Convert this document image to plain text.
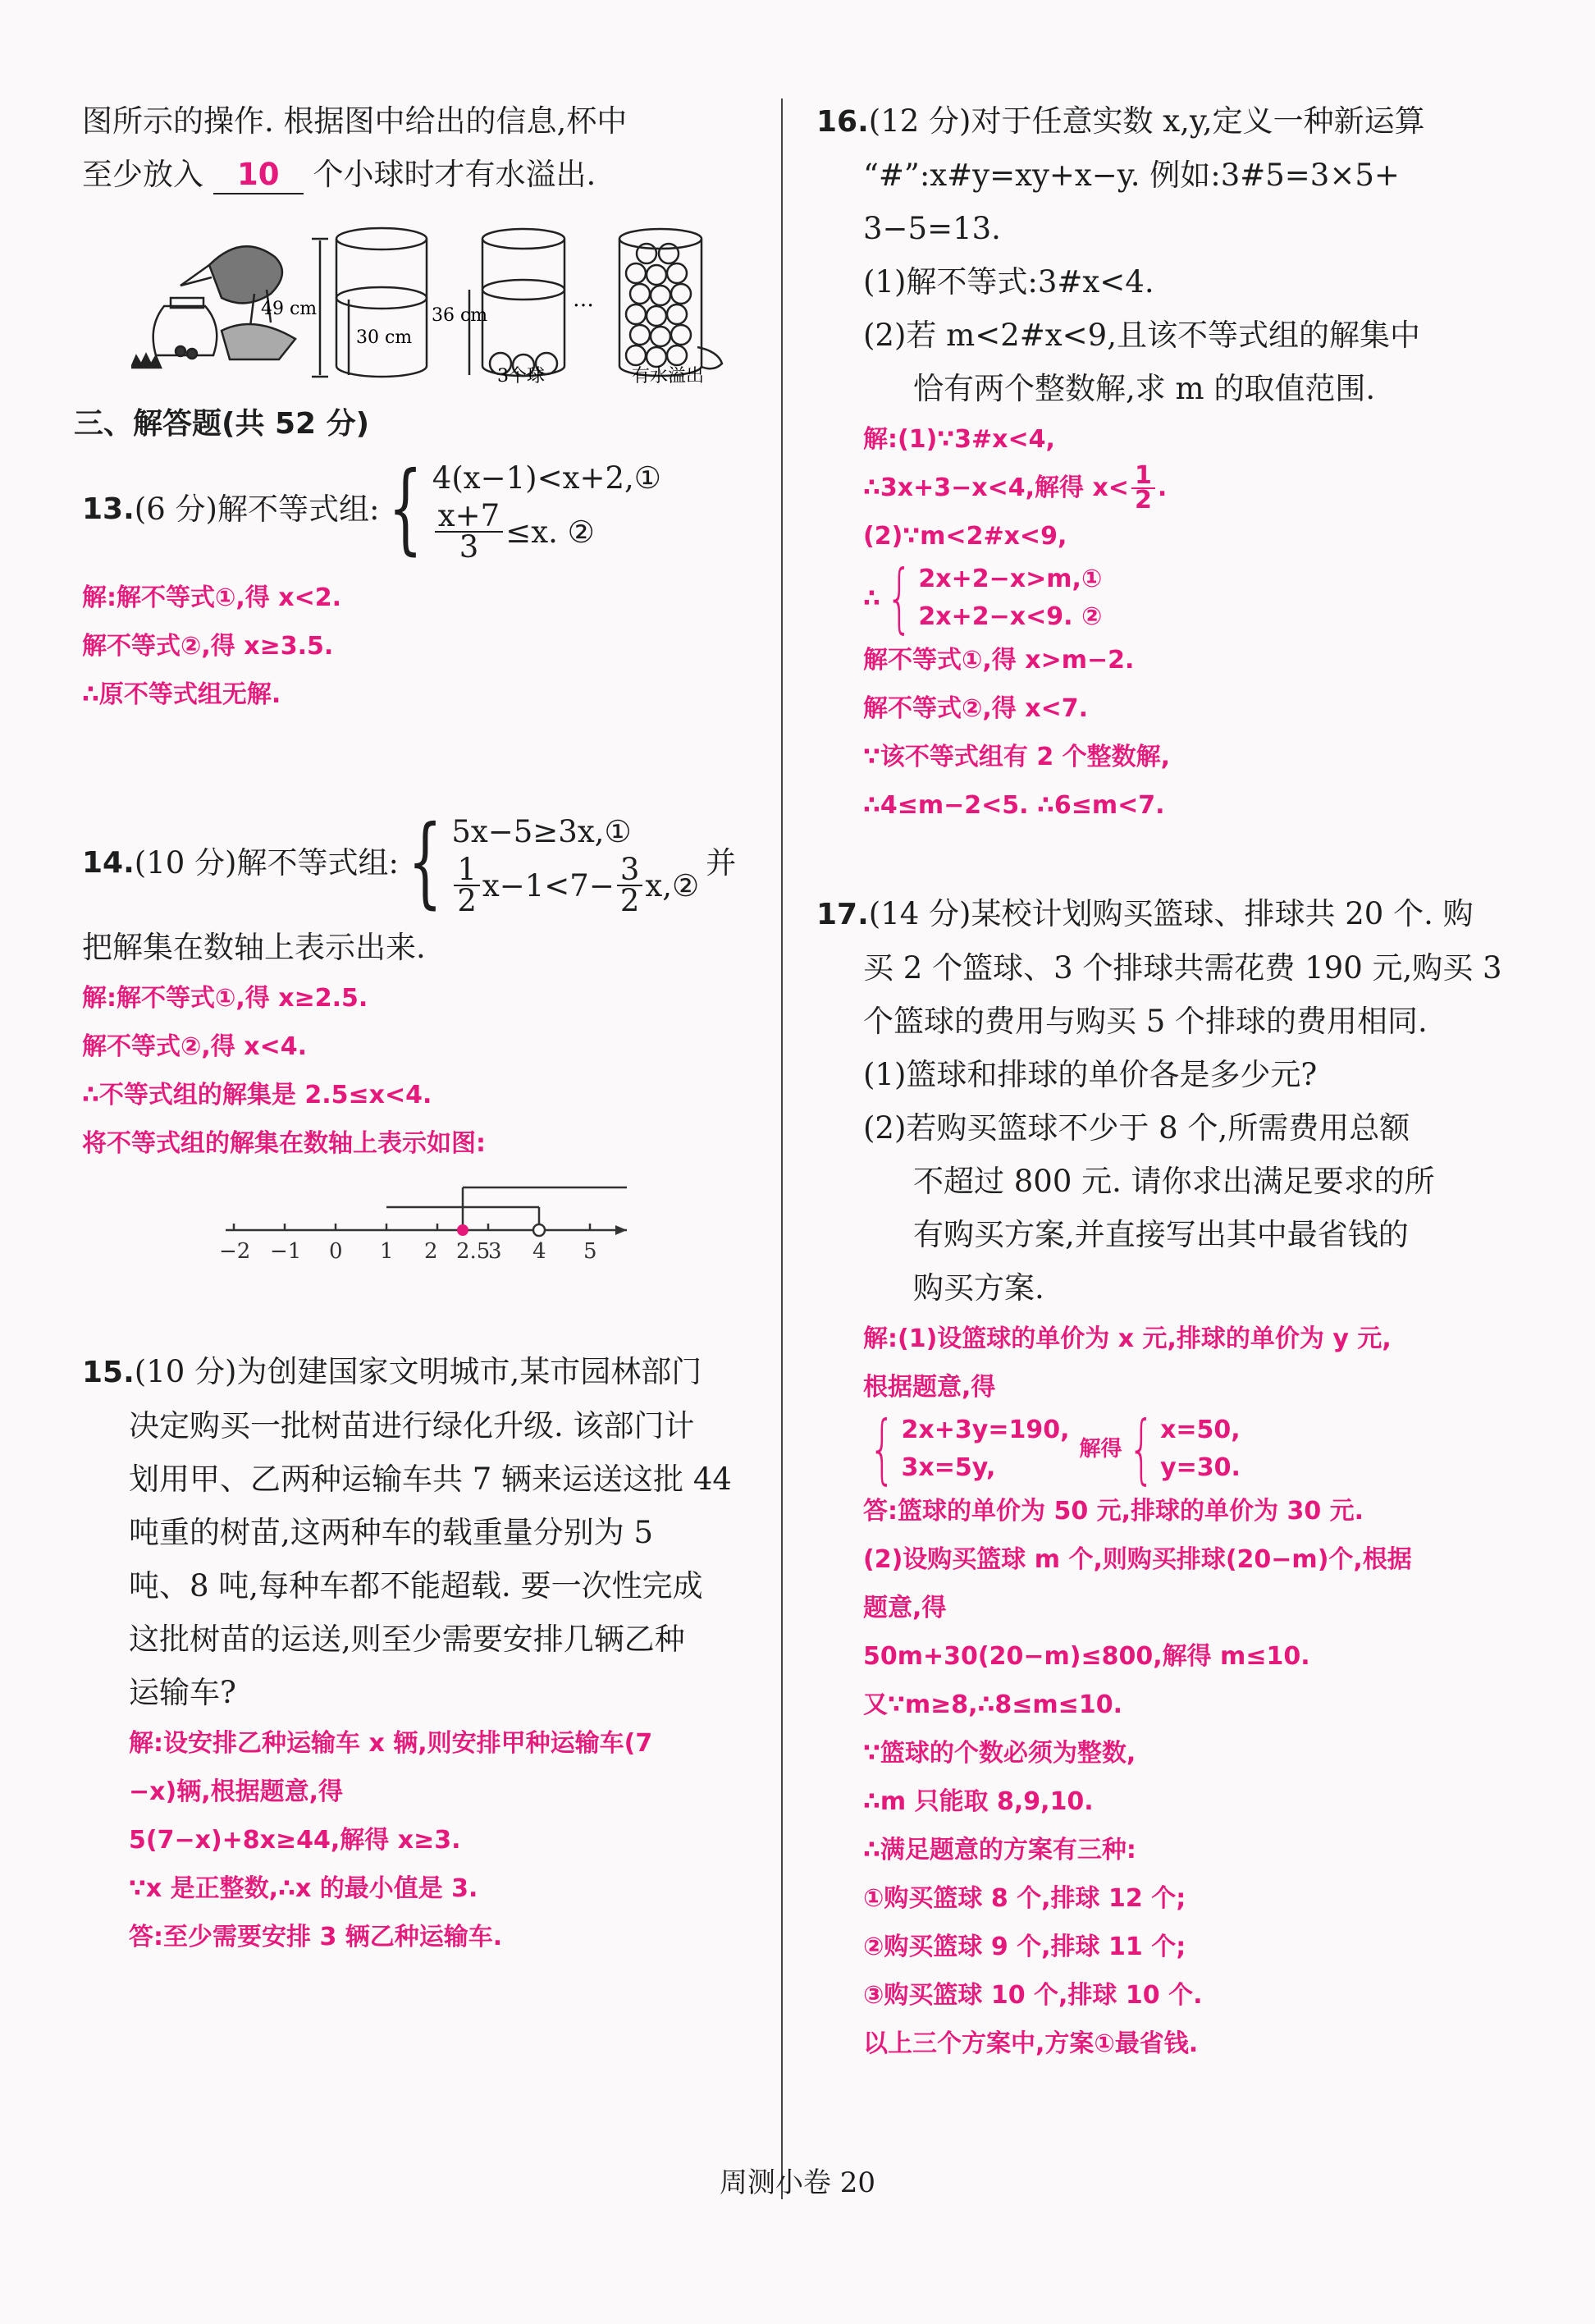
图所示的操作. 根据图中给出的信息,杯中

至少放入 10 个小球时才有水溢出.

49 cm
30 cm
36 cm
…
3个球	有水溢出

三、解答题(共 52 分)

13. (6 分)解不等式组: { 4(x−1)<x+2,①
$\frac{x+7}{3} \le x$. ②

解:解不等式①,得 x<2.

解不等式②,得 x≥3.5.

∴原不等式组无解.

14. (10 分)解不等式组: { 5x−5≥3x,①
$\frac{1}{2} x-1<7- \frac{3}{2}$ x,②
并

把解集在数轴上表示出来.

解:解不等式①,得 x≥2.5.

解不等式②,得 x<4.

∴不等式组的解集是 2.5≤x<4.

将不等式组的解集在数轴上表示如图:

−2 −1 0 1 2 2.5
3 4 5

15.(10 分)为创建国家文明城市,某市园林部门

决定购买一批树苗进行绿化升级. 该部门计

划用甲、乙两种运输车共 7 辆来运送这批 44

吨重的树苗,这两种车的载重量分别为 5

吨、8 吨,每种车都不能超载. 要一次性完成

这批树苗的运送,则至少需要安排几辆乙种

运输车?

解:设安排乙种运输车 x 辆,则安排甲种运输车(7

−x)辆,根据题意,得

5(7−x)+8x≥44,解得 x≥3.

∵x 是正整数,∴x 的最小值是 3.

答:至少需要安排 3 辆乙种运输车.

16.(12 分)对于任意实数 x,y,定义一种新运算

“#”:x#y=xy+x−y. 例如:3#5=3×5+

3−5=13.

(1)解不等式:3#x<4.

(2)若 m<2#x<9,且该不等式组的解集中

恰有两个整数解,求 m 的取值范围.

解:(1)∵3#x<4,

∴3x+3−x<4,解得 $x< \frac{1}{2}$ .

(2)∵m<2#x<9,

∴ { 2x+2−x>m,①
2x+2−x<9. ②

解不等式①,得 x>m−2.

解不等式②,得 x<7.

∵该不等式组有 2 个整数解,

∴4≤m−2<5. ∴6≤m<7.

17.(14 分)某校计划购买篮球、排球共 20 个. 购

买 2 个篮球、3 个排球共需花费 190 元,购买 3

个篮球的费用与购买 5 个排球的费用相同.

(1)篮球和排球的单价各是多少元?

(2)若购买篮球不少于 8 个,所需费用总额

不超过 800 元. 请你求出满足要求的所

有购买方案,并直接写出其中最省钱的

购买方案.

解:(1)设篮球的单价为 x 元,排球的单价为 y 元,

根据题意,得

{ 2x+3y=190,
3x=5y,
解得 { x=50,
y=30.

答:篮球的单价为 50 元,排球的单价为 30 元.

(2)设购买篮球 m 个,则购买排球(20−m)个,根据

题意,得

50m+30(20−m)≤800,解得 m≤10.

又∵m≥8,∴8≤m≤10.

∵篮球的个数必须为整数,

∴m 只能取 8,9,10.

∴满足题意的方案有三种:

①购买篮球 8 个,排球 12 个;

②购买篮球 9 个,排球 11 个;

③购买篮球 10 个,排球 10 个.

以上三个方案中,方案①最省钱.

周测小卷 20
